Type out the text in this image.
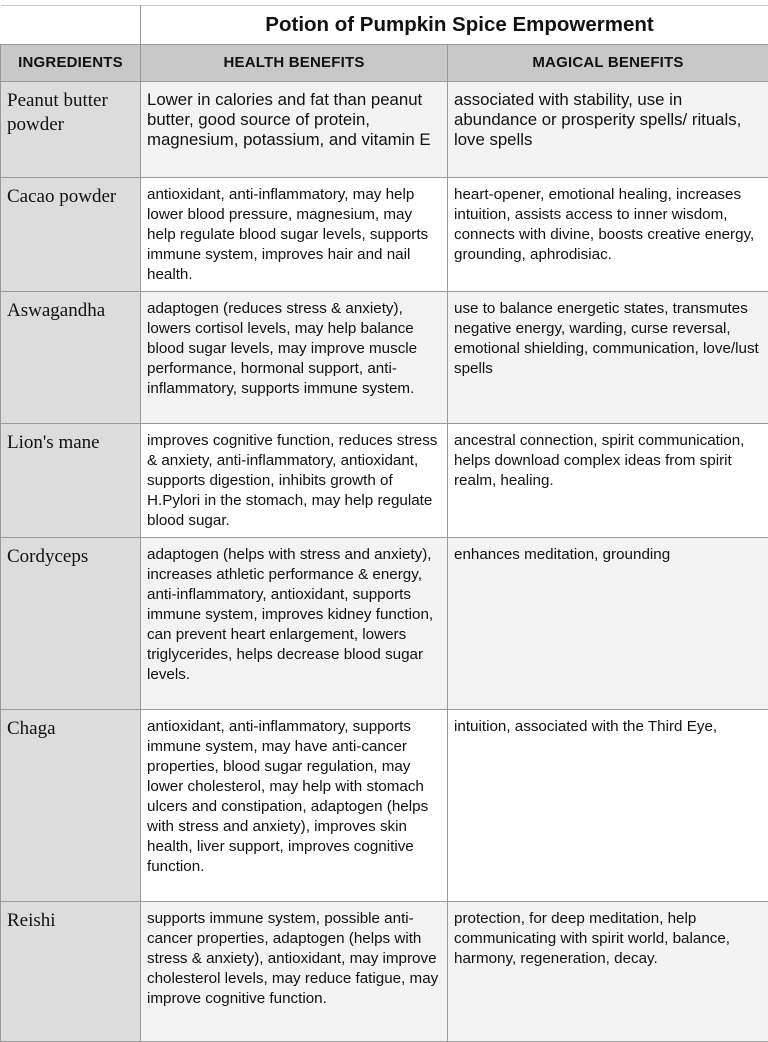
	Potion of Pumpkin Spice Empowerment	
INGREDIENTS	HEALTH BENEFITS	MAGICAL BENEFITS
Peanut butter powder	Lower in calories and fat than peanut butter, good source of protein, magnesium, potassium, and vitamin E	associated with stability, use in abundance or prosperity spells/ rituals, love spells
Cacao powder	antioxidant, anti-inflammatory, may help lower blood pressure, magnesium, may help regulate blood sugar levels, supports immune system, improves hair and nail health.	heart-opener, emotional healing, increases intuition, assists access to inner wisdom, connects with divine, boosts creative energy, grounding, aphrodisiac.
Aswagandha	adaptogen (reduces stress & anxiety), lowers cortisol levels, may help balance blood sugar levels, may improve muscle performance, hormonal support, anti-inflammatory, supports immune system.	use to balance energetic states, transmutes negative energy, warding, curse reversal, emotional shielding, communication, love/lust spells
Lion's mane	improves cognitive function, reduces stress & anxiety, anti-inflammatory, antioxidant, supports digestion, inhibits growth of H.Pylori in the stomach, may help regulate blood sugar.	ancestral connection, spirit communication, helps download complex ideas from spirit realm, healing.
Cordyceps	adaptogen (helps with stress and anxiety), increases athletic performance & energy, anti-inflammatory, antioxidant, supports immune system, improves kidney function, can prevent heart enlargement, lowers triglycerides, helps decrease blood sugar levels.	enhances meditation, grounding
Chaga	antioxidant, anti-inflammatory, supports immune system, may have anti-cancer properties, blood sugar regulation, may lower cholesterol, may help with stomach ulcers and constipation, adaptogen (helps with stress and anxiety), improves skin health, liver support, improves cognitive function.	intuition, associated with the Third Eye,
Reishi	supports immune system, possible anti-cancer properties, adaptogen (helps with stress & anxiety), antioxidant, may improve cholesterol levels, may reduce fatigue, may improve cognitive function.	protection, for deep meditation, help communicating with spirit world, balance, harmony, regeneration, decay.
